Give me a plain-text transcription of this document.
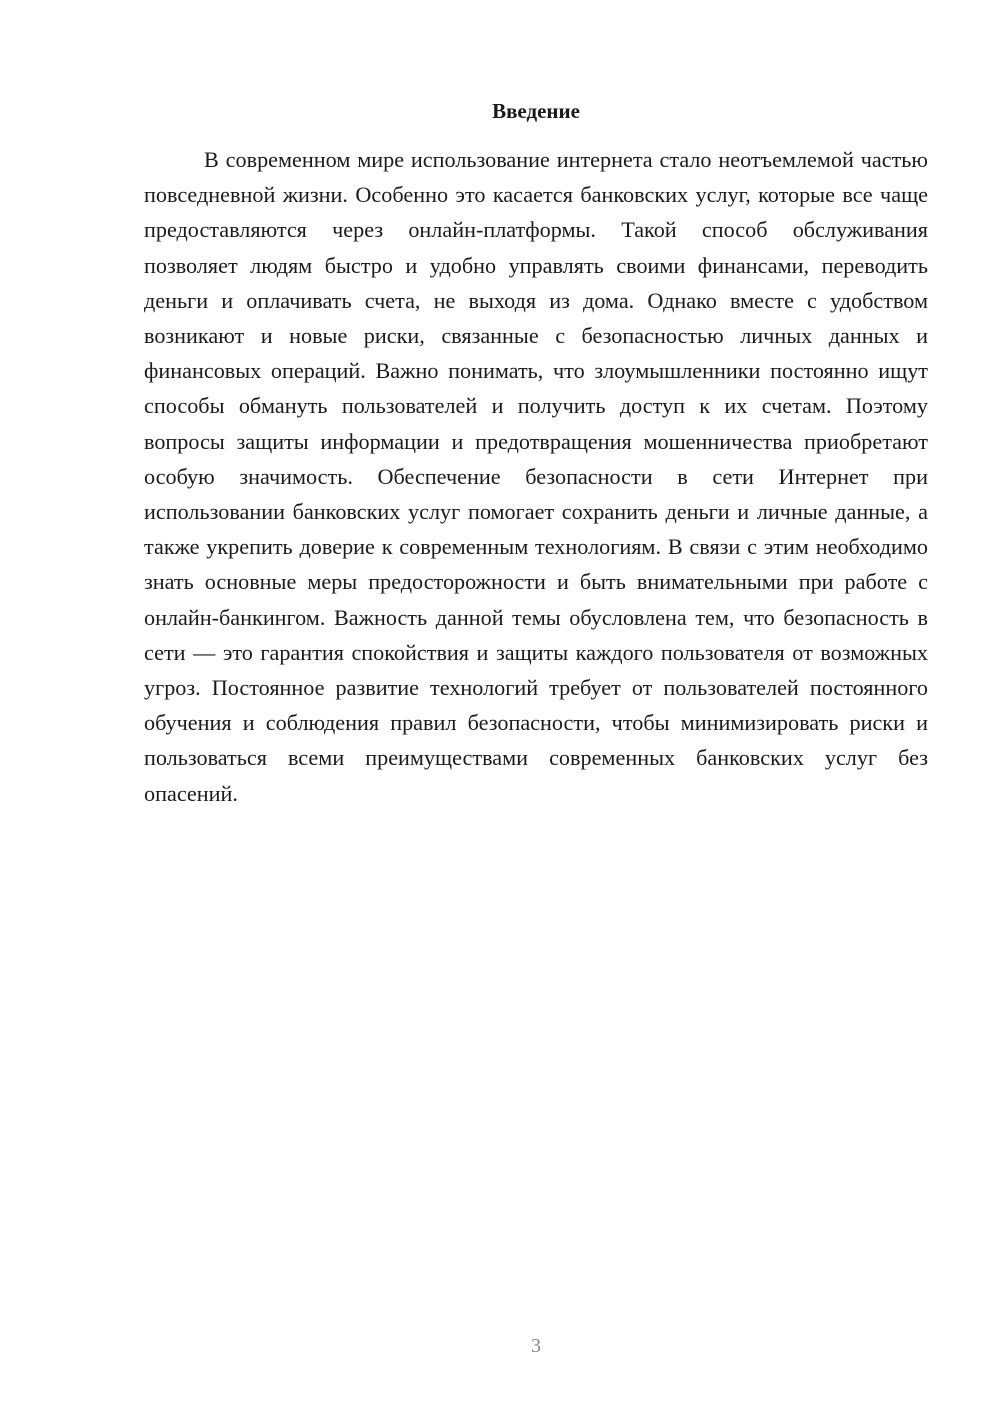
Введение

В современном мире использование интернета стало неотъемлемой частью повседневной жизни. Особенно это касается банковских услуг, которые все чаще предоставляются через онлайн-платформы. Такой способ обслуживания позволяет людям быстро и удобно управлять своими финансами, переводить деньги и оплачивать счета, не выходя из дома. Однако вместе с удобством возникают и новые риски, связанные с безопасностью личных данных и финансовых операций. Важно понимать, что злоумышленники постоянно ищут способы обмануть пользователей и получить доступ к их счетам. Поэтому вопросы защиты информации и предотвращения мошенничества приобретают особую значимость. Обеспечение безопасности в сети Интернет при использовании банковских услуг помогает сохранить деньги и личные данные, а также укрепить доверие к современным технологиям. В связи с этим необходимо знать основные меры предосторожности и быть внимательными при работе с онлайн-банкингом. Важность данной темы обусловлена тем, что безопасность в сети — это гарантия спокойствия и защиты каждого пользователя от возможных угроз. Постоянное развитие технологий требует от пользователей постоянного обучения и соблюдения правил безопасности, чтобы минимизировать риски и пользоваться всеми преимуществами современных банковских услуг без опасений.

3
